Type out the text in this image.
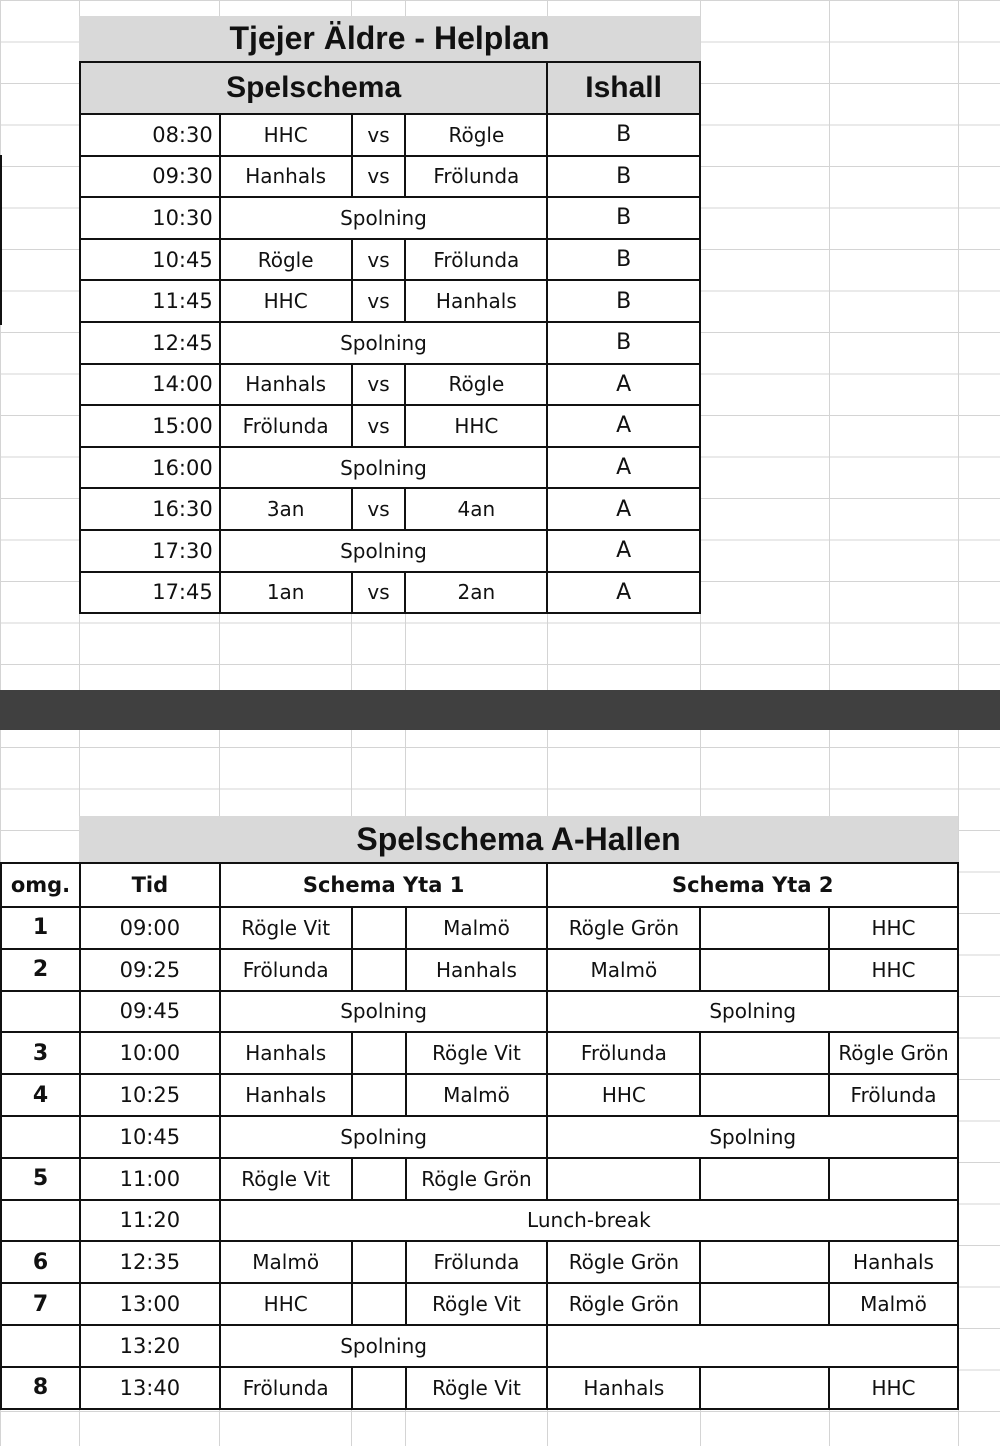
Tjejer Äldre - Helplan
Spelschema				Ishall
08:30	HHC	vs	Rögle	B
09:30	Hanhals	vs	Frölunda	B
10:30	Spolning			B
10:45	Rögle	vs	Frölunda	B
11:45	HHC	vs	Hanhals	B
12:45	Spolning			B
14:00	Hanhals	vs	Rögle	A
15:00	Frölunda	vs	HHC	A
16:00	Spolning			A
16:30	3an	vs	4an	A
17:30	Spolning			A
17:45	1an	vs	2an	A
Spelschema A-Hallen
omg.	Tid	Schema Yta 1			Schema Yta 2		
1	09:00	Rögle Vit		Malmö	Rögle Grön		HHC
2	09:25	Frölunda		Hanhals	Malmö		HHC
	09:45	Spolning			Spolning		
3	10:00	Hanhals		Rögle Vit	Frölunda		Rögle Grön
4	10:25	Hanhals		Malmö	HHC		Frölunda
	10:45	Spolning			Spolning		
5	11:00	Rögle Vit		Rögle Grön			
	11:20	Lunch-break					
6	12:35	Malmö		Frölunda	Rögle Grön		Hanhals
7	13:00	HHC		Rögle Vit	Rögle Grön		Malmö
	13:20	Spolning					
8	13:40	Frölunda		Rögle Vit	Hanhals		HHC
